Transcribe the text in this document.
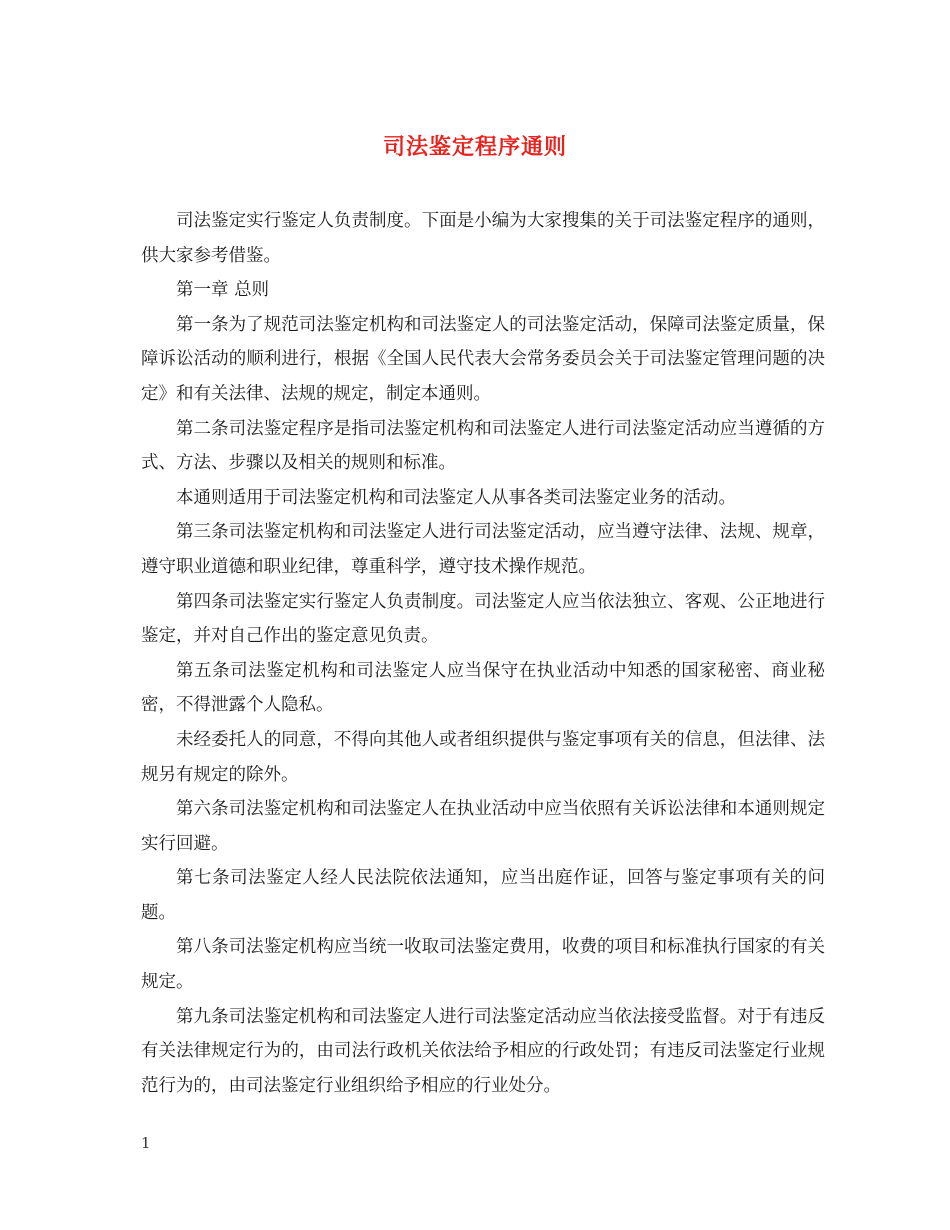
司法鉴定程序通则

司法鉴定实行鉴定人负责制度。下面是小编为大家搜集的关于司法鉴定程序的通则，供大家参考借鉴。

第一章 总则

第一条为了规范司法鉴定机构和司法鉴定人的司法鉴定活动，保障司法鉴定质量，保障诉讼活动的顺利进行，根据《全国人民代表大会常务委员会关于司法鉴定管理问题的决定》和有关法律、法规的规定，制定本通则。

第二条司法鉴定程序是指司法鉴定机构和司法鉴定人进行司法鉴定活动应当遵循的方式、方法、步骤以及相关的规则和标准。

本通则适用于司法鉴定机构和司法鉴定人从事各类司法鉴定业务的活动。

第三条司法鉴定机构和司法鉴定人进行司法鉴定活动，应当遵守法律、法规、规章，遵守职业道德和职业纪律，尊重科学，遵守技术操作规范。

第四条司法鉴定实行鉴定人负责制度。司法鉴定人应当依法独立、客观、公正地进行鉴定，并对自己作出的鉴定意见负责。

第五条司法鉴定机构和司法鉴定人应当保守在执业活动中知悉的国家秘密、商业秘密，不得泄露个人隐私。

未经委托人的同意，不得向其他人或者组织提供与鉴定事项有关的信息，但法律、法规另有规定的除外。

第六条司法鉴定机构和司法鉴定人在执业活动中应当依照有关诉讼法律和本通则规定实行回避。

第七条司法鉴定人经人民法院依法通知，应当出庭作证，回答与鉴定事项有关的问题。

第八条司法鉴定机构应当统一收取司法鉴定费用，收费的项目和标准执行国家的有关规定。

第九条司法鉴定机构和司法鉴定人进行司法鉴定活动应当依法接受监督。对于有违反有关法律规定行为的，由司法行政机关依法给予相应的行政处罚；有违反司法鉴定行业规范行为的，由司法鉴定行业组织给予相应的行业处分。

1
